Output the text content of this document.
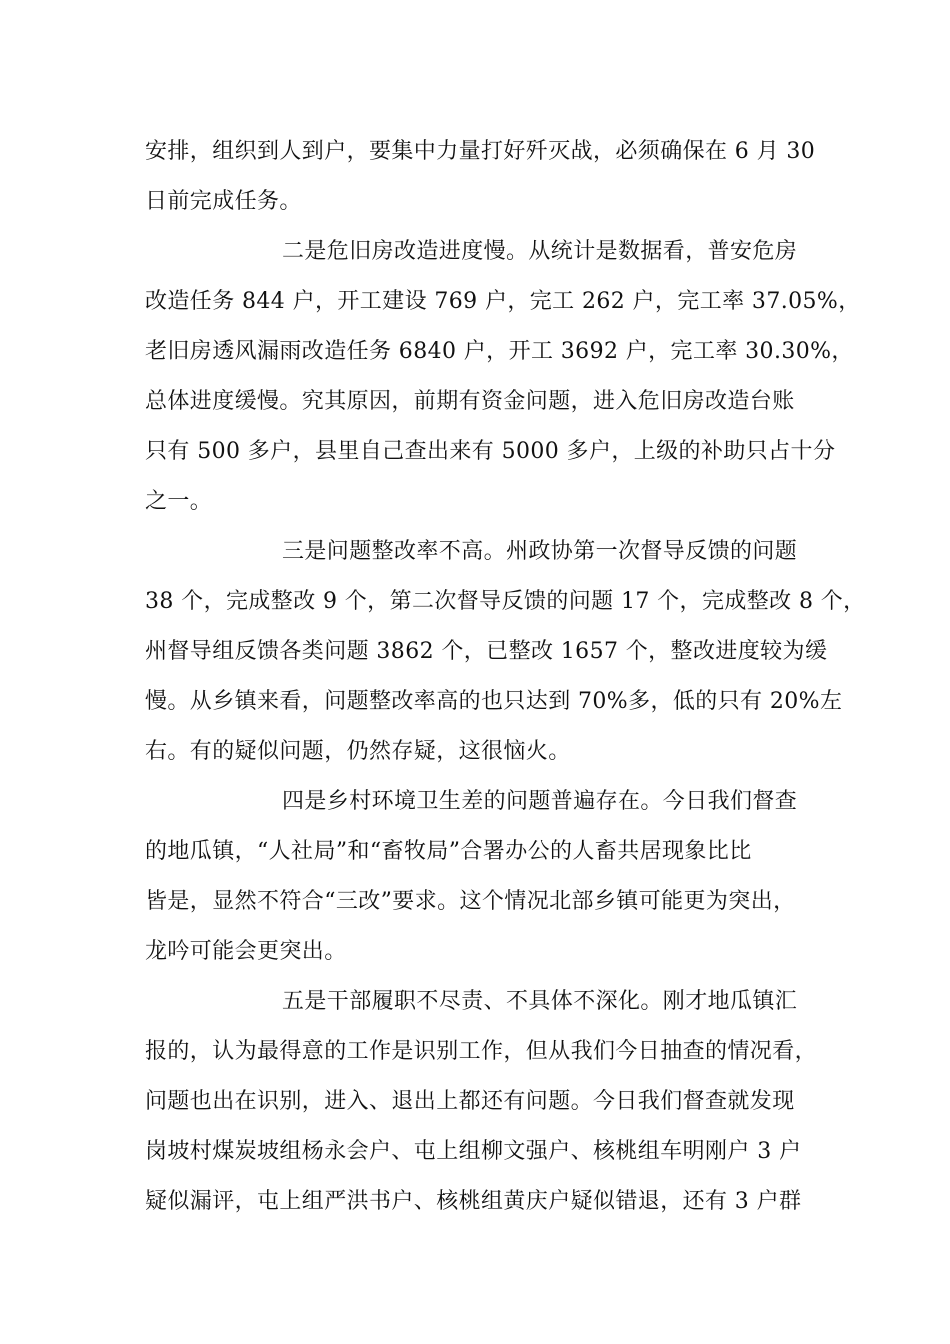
安排，组织到人到户，要集中力量打好歼灭战，必须确保在 6 月 30
日前完成任务。
二是危旧房改造进度慢。从统计是数据看，普安危房
改造任务 844 户，开工建设 769 户，完工 262 户，完工率 37.05%，
老旧房透风漏雨改造任务 6840 户，开工 3692 户，完工率 30.30%，
总体进度缓慢。究其原因，前期有资金问题，进入危旧房改造台账
只有 500 多户，县里自己查出来有 5000 多户，上级的补助只占十分
之一。
三是问题整改率不高。州政协第一次督导反馈的问题
38 个，完成整改 9 个，第二次督导反馈的问题 17 个，完成整改 8 个，
州督导组反馈各类问题 3862 个，已整改 1657 个，整改进度较为缓
慢。从乡镇来看，问题整改率高的也只达到 70%多，低的只有 20%左
右。有的疑似问题，仍然存疑，这很恼火。
四是乡村环境卫生差的问题普遍存在。今日我们督查
的地瓜镇，“人社局”和“畜牧局”合署办公的人畜共居现象比比
皆是，显然不符合“三改”要求。这个情况北部乡镇可能更为突出，
龙吟可能会更突出。
五是干部履职不尽责、不具体不深化。刚才地瓜镇汇
报的，认为最得意的工作是识别工作，但从我们今日抽查的情况看，
问题也出在识别，进入、退出上都还有问题。今日我们督查就发现
岗坡村煤炭坡组杨永会户、屯上组柳文强户、核桃组车明刚户 3 户
疑似漏评，屯上组严洪书户、核桃组黄庆户疑似错退，还有 3 户群
